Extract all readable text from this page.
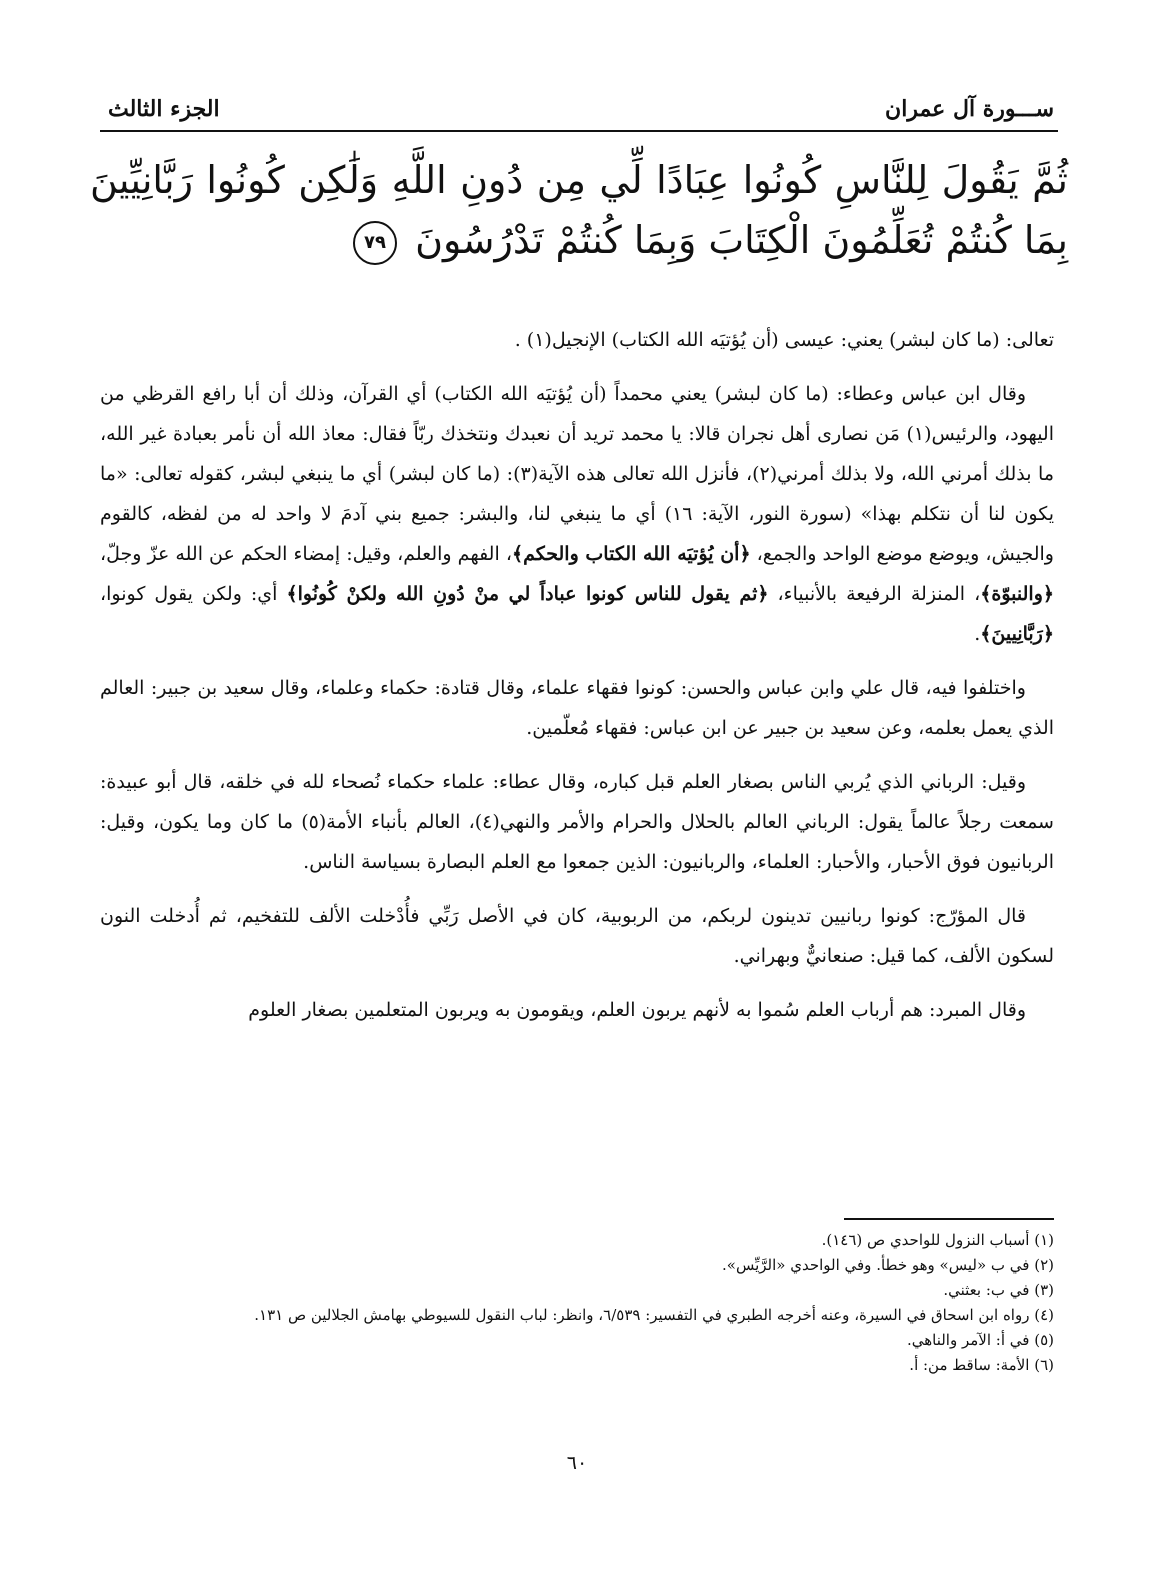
ســـورة آل عمران
الجزء الثالث
ثُمَّ يَقُولَ لِلنَّاسِ كُونُوا عِبَادًا لِّي مِن دُونِ اللَّهِ وَلَٰكِن كُونُوا رَبَّانِيِّينَ بِمَا كُنتُمْ تُعَلِّمُونَ الْكِتَابَ وَبِمَا كُنتُمْ تَدْرُسُونَ ٧٩

تعالى: (ما كان لبشر) يعني: عيسى (أن يُؤتيَه الله الكتاب) الإنجيل(١) .

وقال ابن عباس وعطاء: (ما كان لبشر) يعني محمداً (أن يُؤتيَه الله الكتاب) أي القرآن، وذلك أن أبا رافع القرظي من اليهود، والرئيس(١) مَن نصارى أهل نجران قالا: يا محمد تريد أن نعبدك ونتخذك ربّاً فقال: معاذ الله أن نأمر بعبادة غير الله، ما بذلك أمرني الله، ولا بذلك أمرني(٢)، فأنزل الله تعالى هذه الآية(٣): (ما كان لبشر) أي ما ينبغي لبشر، كقوله تعالى: «ما يكون لنا أن نتكلم بهذا» (سورة النور، الآية: ١٦) أي ما ينبغي لنا، والبشر: جميع بني آدمَ لا واحد له من لفظه، كالقوم والجيش، ويوضع موضع الواحد والجمع، ﴿أن يُؤتيَه الله الكتاب والحكم﴾، الفهم والعلم، وقيل: إمضاء الحكم عن الله عزّ وجلّ، ﴿والنبوّة﴾، المنزلة الرفيعة بالأنبياء، ﴿ثم يقول للناس كونوا عباداً لي منْ دُونِ الله ولكنْ كُونُوا﴾ أي: ولكن يقول كونوا، ﴿رَبَّانِيينَ﴾.

واختلفوا فيه، قال علي وابن عباس والحسن: كونوا فقهاء علماء، وقال قتادة: حكماء وعلماء، وقال سعيد بن جبير: العالم الذي يعمل بعلمه، وعن سعيد بن جبير عن ابن عباس: فقهاء مُعلّمين.

وقيل: الرباني الذي يُربي الناس بصغار العلم قبل كباره، وقال عطاء: علماء حكماء نُصحاء لله في خلقه، قال أبو عبيدة: سمعت رجلاً عالماً يقول: الرباني العالم بالحلال والحرام والأمر والنهي(٤)، العالم بأنباء الأمة(٥) ما كان وما يكون، وقيل: الربانيون فوق الأحبار، والأحبار: العلماء، والربانيون: الذين جمعوا مع العلم البصارة بسياسة الناس.

قال المؤرّج: كونوا ربانيين تدينون لربكم، من الربوبية، كان في الأصل رَبِّي فأُدْخلت الألف للتفخيم، ثم أُدخلت النون لسكون الألف، كما قيل: صنعانيٌّ وبهراني.

وقال المبرد: هم أرباب العلم سُموا به لأنهم يربون العلم، ويقومون به ويربون المتعلمين بصغار العلوم

(١) أسباب النزول للواحدي ص (١٤٦).
(٢) في ب «ليس» وهو خطأ. وفي الواحدي «الرَّيِّس».
(٣) في ب: بعثني.
(٤) رواه ابن اسحاق في السيرة، وعنه أخرجه الطبري في التفسير: ٦/٥٣٩، وانظر: لباب النقول للسيوطي بهامش الجلالين ص ١٣١.
(٥) في أ: الآمر والناهي.
(٦) الأمة: ساقط من: أ.
٦٠
